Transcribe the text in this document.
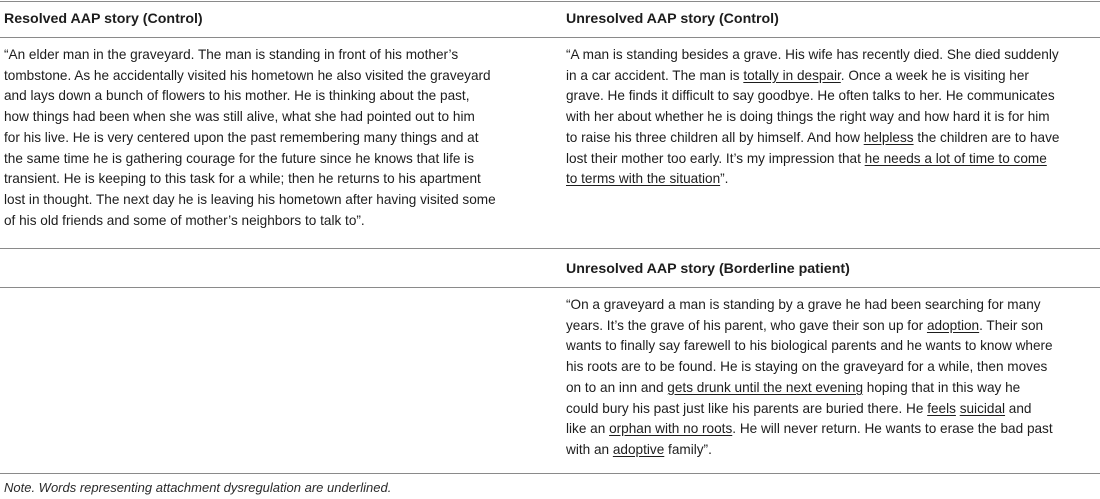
Resolved AAP story (Control)	Unresolved AAP story (Control)

“An elder man in the graveyard. The man is standing in front of his mother’s
tombstone. As he accidentally visited his hometown he also visited the graveyard
and lays down a bunch of flowers to his mother. He is thinking about the past,
how things had been when she was still alive, what she had pointed out to him
for his live. He is very centered upon the past remembering many things and at
the same time he is gathering courage for the future since he knows that life is
transient. He is keeping to this task for a while; then he returns to his apartment
lost in thought. The next day he is leaving his hometown after having visited some
of his old friends and some of mother’s neighbors to talk to”.

“A man is standing besides a grave. His wife has recently died. She died suddenly
in a car accident. The man is totally in despair. Once a week he is visiting her
grave. He finds it difficult to say goodbye. He often talks to her. He communicates
with her about whether he is doing things the right way and how hard it is for him
to raise his three children all by himself. And how helpless the children are to have
lost their mother too early. It’s my impression that he needs a lot of time to come
to terms with the situation”.

Unresolved AAP story (Borderline patient)

“On a graveyard a man is standing by a grave he had been searching for many
years. It’s the grave of his parent, who gave their son up for adoption. Their son
wants to finally say farewell to his biological parents and he wants to know where
his roots are to be found. He is staying on the graveyard for a while, then moves
on to an inn and gets drunk until the next evening hoping that in this way he
could bury his past just like his parents are buried there. He feels suicidal and
like an orphan with no roots. He will never return. He wants to erase the bad past
with an adoptive family”.

Note. Words representing attachment dysregulation are underlined.
